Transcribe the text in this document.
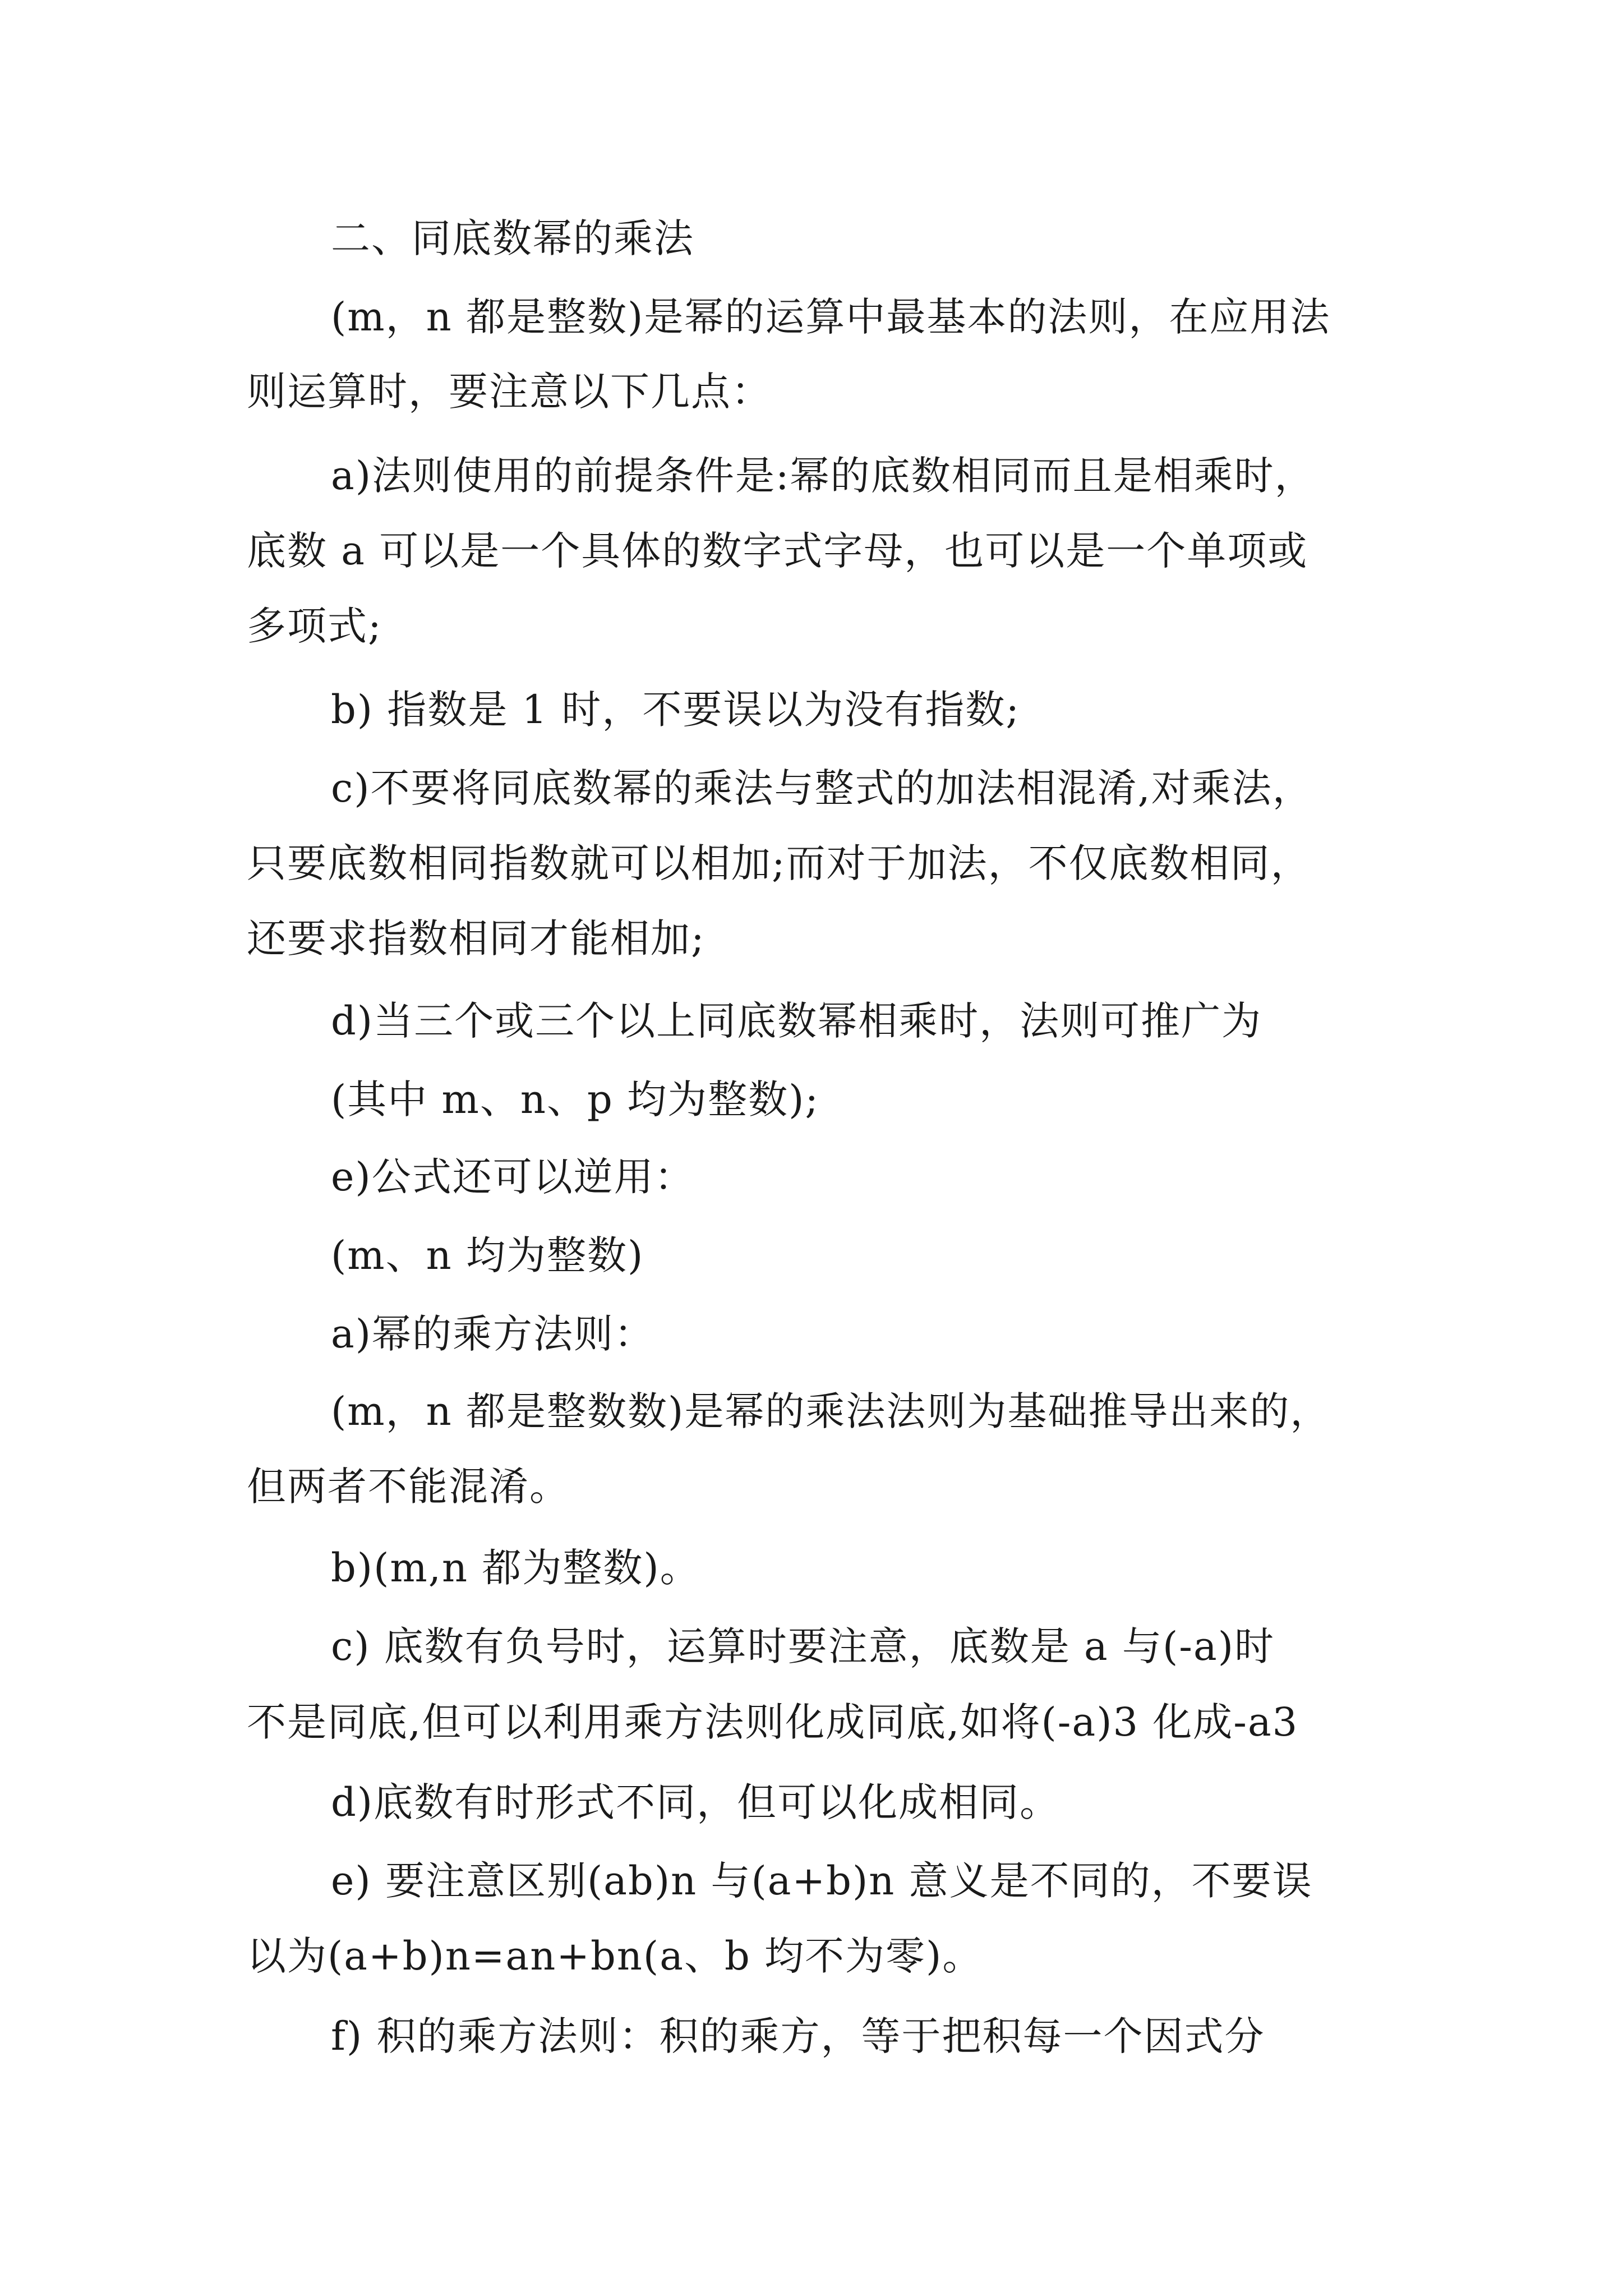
二、同底数幂的乘法
(m，n 都是整数)是幂的运算中最基本的法则，在应用法
则运算时，要注意以下几点：
a)法则使用的前提条件是:幂的底数相同而且是相乘时，
底数 a 可以是一个具体的数字式字母，也可以是一个单项或
多项式;
b) 指数是 1 时，不要误以为没有指数;
c)不要将同底数幂的乘法与整式的加法相混淆,对乘法，
只要底数相同指数就可以相加;而对于加法，不仅底数相同，
还要求指数相同才能相加;
d)当三个或三个以上同底数幂相乘时，法则可推广为
(其中 m、n、p 均为整数);
e)公式还可以逆用：
(m、n 均为整数)
a)幂的乘方法则：
(m，n 都是整数数)是幂的乘法法则为基础推导出来的，
但两者不能混淆。
b)(m,n 都为整数)。
c) 底数有负号时，运算时要注意，底数是 a 与(-a)时
不是同底,但可以利用乘方法则化成同底,如将(-a)3 化成-a3
d)底数有时形式不同，但可以化成相同。
e) 要注意区别(ab)n 与(a+b)n 意义是不同的，不要误
以为(a+b)n=an+bn(a、b 均不为零)。
f) 积的乘方法则：积的乘方，等于把积每一个因式分
